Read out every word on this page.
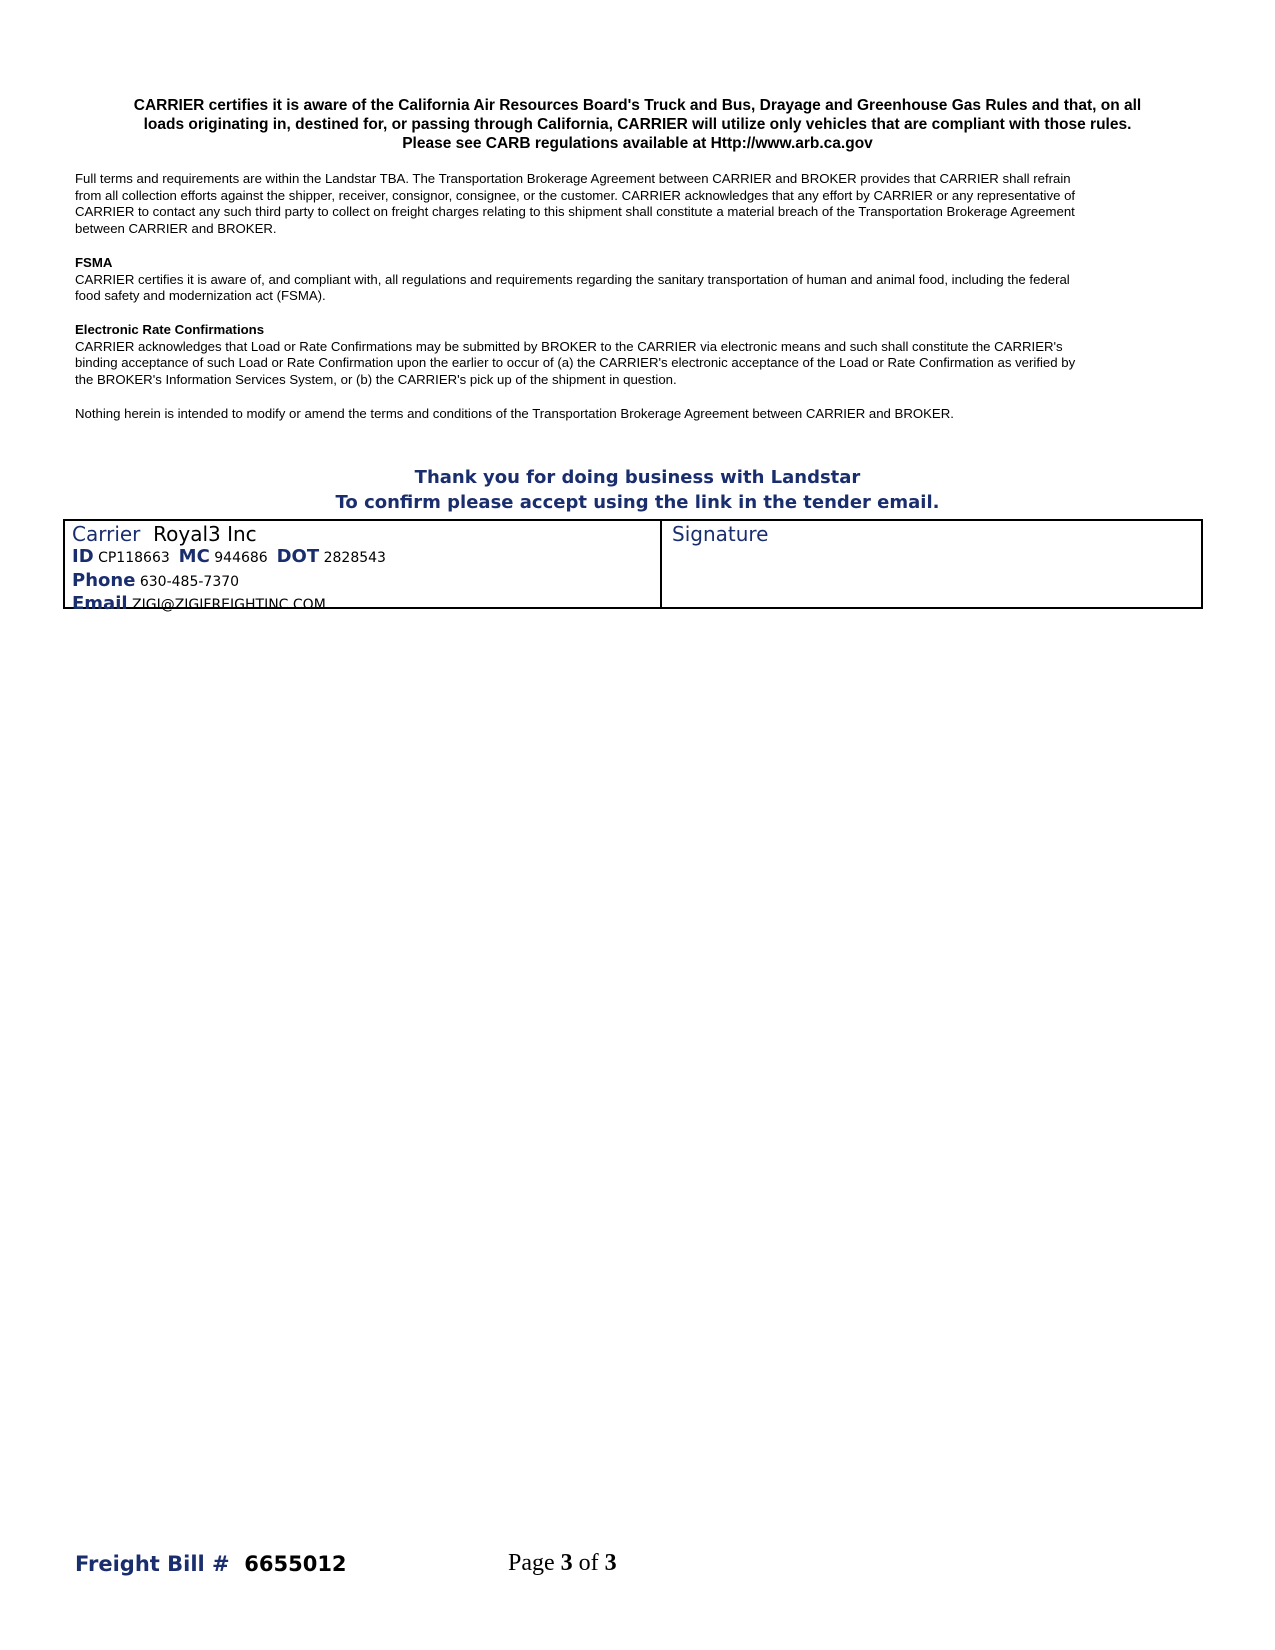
CARRIER certifies it is aware of the California Air Resources Board's Truck and Bus, Drayage and Greenhouse Gas Rules and that, on all
loads originating in, destined for, or passing through California, CARRIER will utilize only vehicles that are compliant with those rules.
Please see CARB regulations available at Http://www.arb.ca.gov
Full terms and requirements are within the Landstar TBA. The Transportation Brokerage Agreement between CARRIER and BROKER provides that CARRIER shall refrain
from all collection efforts against the shipper, receiver, consignor, consignee, or the customer. CARRIER acknowledges that any effort by CARRIER or any representative of
CARRIER to contact any such third party to collect on freight charges relating to this shipment shall constitute a material breach of the Transportation Brokerage Agreement
between CARRIER and BROKER.
FSMA
CARRIER certifies it is aware of, and compliant with, all regulations and requirements regarding the sanitary transportation of human and animal food, including the federal
food safety and modernization act (FSMA).
Electronic Rate Confirmations
CARRIER acknowledges that Load or Rate Confirmations may be submitted by BROKER to the CARRIER via electronic means and such shall constitute the CARRIER's
binding acceptance of such Load or Rate Confirmation upon the earlier to occur of (a) the CARRIER's electronic acceptance of the Load or Rate Confirmation as verified by
the BROKER's Information Services System, or (b) the CARRIER's pick up of the shipment in question.
Nothing herein is intended to modify or amend the terms and conditions of the Transportation Brokerage Agreement between CARRIER and BROKER.
Thank you for doing business with Landstar
To confirm please accept using the link in the tender email.
Carrier Royal3 Inc
ID CP118663 MC 944686 DOT 2828543
Phone 630-485-7370
Email ZIGI@ZIGIFREIGHTINC.COM
Signature
Freight Bill # 6655012	Page 3 of 3
